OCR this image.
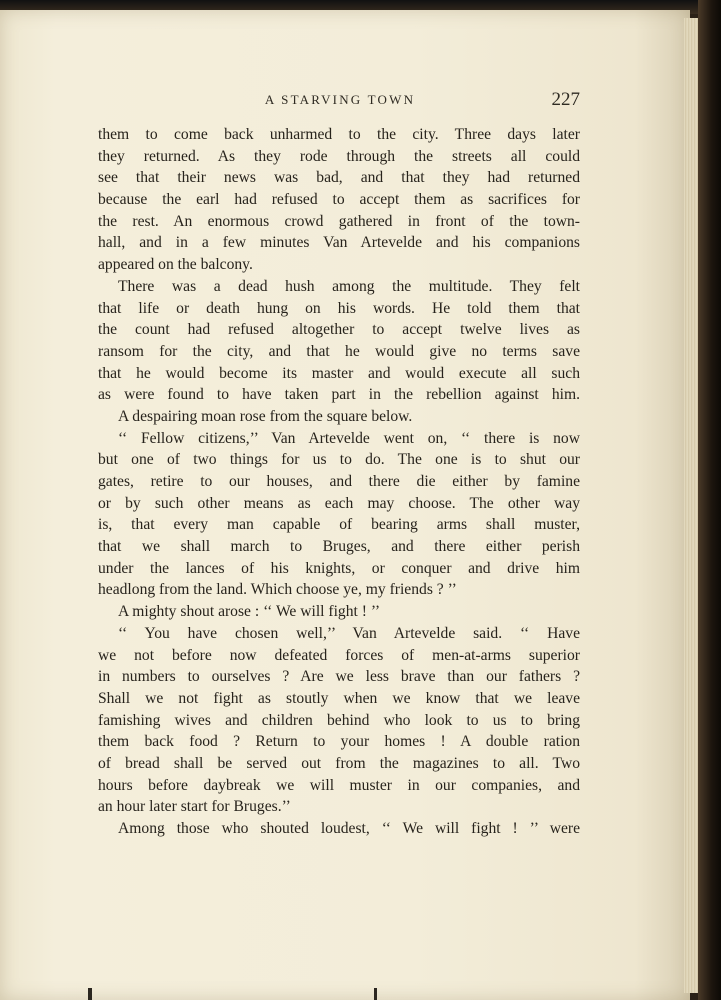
A STARVING TOWN	227
them to come back unharmed to the city. Three days later
they returned. As they rode through the streets all could
see that their news was bad, and that they had returned
because the earl had refused to accept them as sacrifices for
the rest. An enormous crowd gathered in front of the town-
hall, and in a few minutes Van Artevelde and his companions
appeared on the balcony.
There was a dead hush among the multitude. They felt
that life or death hung on his words. He told them that
the count had refused altogether to accept twelve lives as
ransom for the city, and that he would give no terms save
that he would become its master and would execute all such
as were found to have taken part in the rebellion against him.
A despairing moan rose from the square below.
‘‘ Fellow citizens,’’ Van Artevelde went on, ‘‘ there is now
but one of two things for us to do. The one is to shut our
gates, retire to our houses, and there die either by famine
or by such other means as each may choose. The other way
is, that every man capable of bearing arms shall muster,
that we shall march to Bruges, and there either perish
under the lances of his knights, or conquer and drive him
headlong from the land. Which choose ye, my friends ? ’’
A mighty shout arose : ‘‘ We will fight ! ’’
‘‘ You have chosen well,’’ Van Artevelde said. ‘‘ Have
we not before now defeated forces of men-at-arms superior
in numbers to ourselves ? Are we less brave than our fathers ?
Shall we not fight as stoutly when we know that we leave
famishing wives and children behind who look to us to bring
them back food ? Return to your homes ! A double ration
of bread shall be served out from the magazines to all. Two
hours before daybreak we will muster in our companies, and
an hour later start for Bruges.’’
Among those who shouted loudest, ‘‘ We will fight ! ’’ were
